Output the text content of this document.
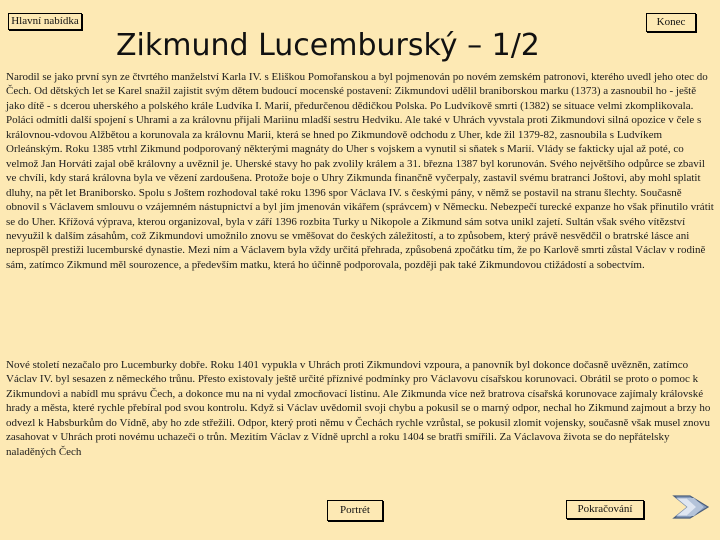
Hlavní nabídka	Konec
Zikmund Lucemburský – 1/2

Narodil se jako první syn ze čtvrtého manželství Karla IV. s Eliškou Pomořanskou a byl pojmenován po novém zemském patronovi, kterého uvedl jeho otec do Čech. Od dětských let se Karel snažil zajistit svým dětem budoucí mocenské postavení: Zikmundovi udělil braniborskou marku (1373) a zasnoubil ho - ještě jako dítě - s dcerou uherského a polského krále Ludvíka I. Marií, předurčenou dědičkou Polska. Po Ludvíkově smrti (1382) se situace velmi zkomplikovala. Poláci odmítli další spojení s Uhrami a za královnu přijali Mariinu mladší sestru Hedviku. Ale také v Uhrách vyvstala proti Zikmundovi silná opozice v čele s královnou-vdovou Alžbětou a korunovala za královnu Marii, která se hned po Zikmundově odchodu z Uher, kde žil 1379-82, zasnoubila s Ludvíkem Orleánským. Roku 1385 vtrhl Zikmund podporovaný některými magnáty do Uher s vojskem a vynutil si sňatek s Marií. Vlády se fakticky ujal až poté, co velmož Jan Horváti zajal obě královny a uvěznil je. Uherské stavy ho pak zvolily králem a 31. března 1387 byl korunován. Svého největšího odpůrce se zbavil ve chvíli, kdy stará královna byla ve vězení zardoušena. Protože boje o Uhry Zikmunda finančně vyčerpaly, zastavil svému bratranci Joštovi, aby mohl splatit dluhy, na pět let Braniborsko. Spolu s Joštem rozhodoval také roku 1396 spor Václava IV. s českými pány, v němž se postavil na stranu šlechty. Současně obnovil s Václavem smlouvu o vzájemném nástupnictví a byl jím jmenován vikářem (správcem) v Německu. Nebezpečí turecké expanze ho však přinutilo vrátit se do Uher. Křížová výprava, kterou organizoval, byla v září 1396 rozbita Turky u Nikopole a Zikmund sám sotva unikl zajetí. Sultán však svého vítězství nevyužil k dalším zásahům, což Zikmundovi umožnilo znovu se vměšovat do českých záležitostí, a to způsobem, který právě nesvědčil o bratrské lásce ani neprospěl prestiži lucemburské dynastie. Mezi ním a Václavem byla vždy určitá přehrada, způsobená zpočátku tím, že po Karlově smrti zůstal Václav v rodině sám, zatímco Zikmund měl sourozence, a především matku, která ho účinně podporovala, později pak také Zikmundovou ctižádostí a sobectvím.

Nové století nezačalo pro Lucemburky dobře. Roku 1401 vypukla v Uhrách proti Zikmundovi vzpoura, a panovník byl dokonce dočasně uvězněn, zatímco Václav IV. byl sesazen z německého trůnu. Přesto existovaly ještě určité příznivé podmínky pro Václavovu císařskou korunovaci. Obrátil se proto o pomoc k Zikmundovi a nabídl mu správu Čech, a dokonce mu na ni vydal zmocňovací listinu. Ale Zikmunda více než bratrova císařská korunovace zajímaly královské hrady a města, které rychle přebíral pod svou kontrolu. Když si Václav uvědomil svoji chybu a pokusil se o marný odpor, nechal ho Zikmund zajmout a brzy ho odvezl k Habsburkům do Vídně, aby ho zde střežili. Odpor, který proti němu v Čechách rychle vzrůstal, se pokusil zlomit vojensky, současně však musel znovu zasahovat v Uhrách proti novému uchazeči o trůn. Mezitím Václav z Vídně uprchl a roku 1404 se bratři smířili. Za Václavova života se do nepřátelsky naladěných Čech

Portrét	Pokračování
